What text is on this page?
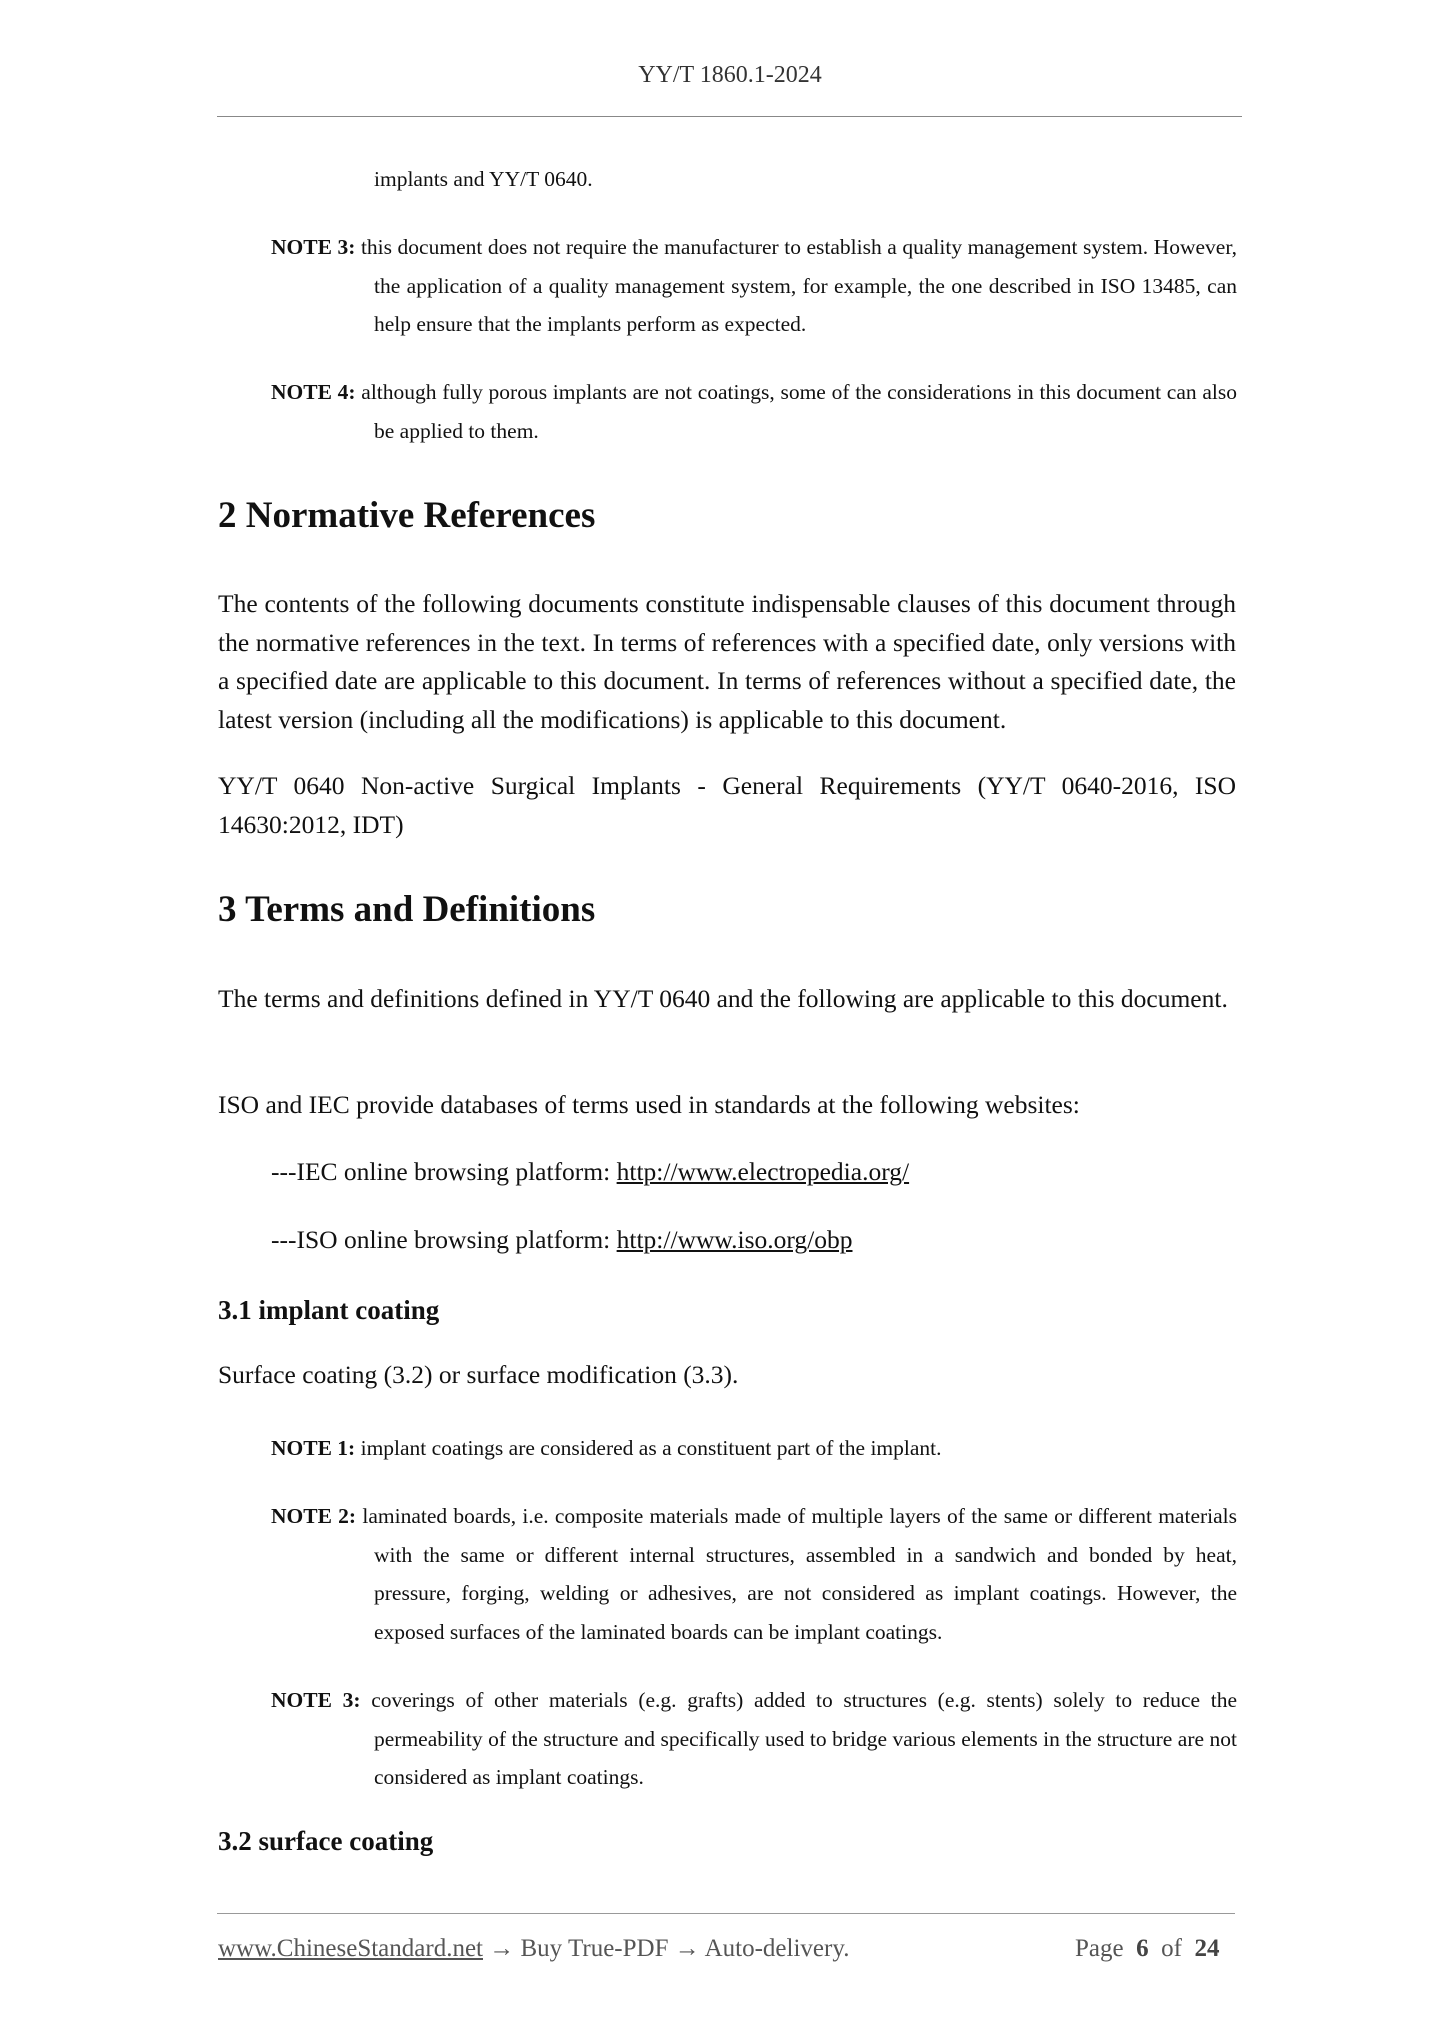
YY/T 1860.1-2024
implants and YY/T 0640.
NOTE 3: this document does not require the manufacturer to establish a quality management system. However, the application of a quality management system, for example, the one described in ISO 13485, can help ensure that the implants perform as expected.
NOTE 4: although fully porous implants are not coatings, some of the considerations in this document can also be applied to them.
2 Normative References
The contents of the following documents constitute indispensable clauses of this document through the normative references in the text. In terms of references with a specified date, only versions with a specified date are applicable to this document. In terms of references without a specified date, the latest version (including all the modifications) is applicable to this document.
YY/T 0640 Non-active Surgical Implants - General Requirements (YY/T 0640-2016, ISO 14630:2012, IDT)
3 Terms and Definitions
The terms and definitions defined in YY/T 0640 and the following are applicable to this document.
ISO and IEC provide databases of terms used in standards at the following websites:
---IEC online browsing platform: http://www.electropedia.org/
---ISO online browsing platform: http://www.iso.org/obp
3.1 implant coating
Surface coating (3.2) or surface modification (3.3).
NOTE 1: implant coatings are considered as a constituent part of the implant.
NOTE 2: laminated boards, i.e. composite materials made of multiple layers of the same or different materials with the same or different internal structures, assembled in a sandwich and bonded by heat, pressure, forging, welding or adhesives, are not considered as implant coatings. However, the exposed surfaces of the laminated boards can be implant coatings.
NOTE 3: coverings of other materials (e.g. grafts) added to structures (e.g. stents) solely to reduce the permeability of the structure and specifically used to bridge various elements in the structure are not considered as implant coatings.
3.2 surface coating
www.ChineseStandard.net → Buy True-PDF → Auto-delivery.	Page 6 of 24
